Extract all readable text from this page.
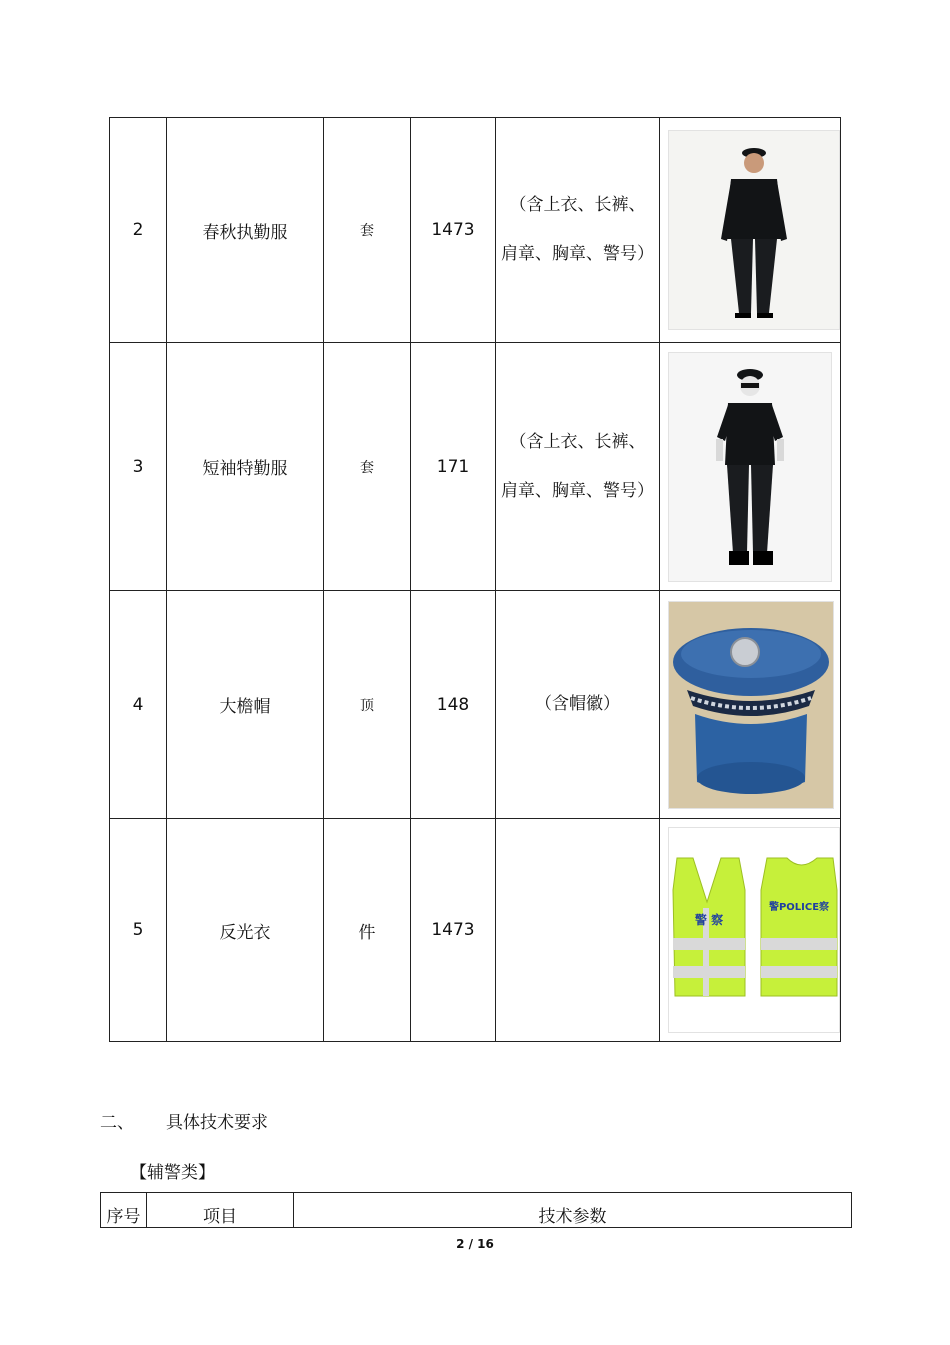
2	春秋执勤服	套	1473	（含上衣、长裤、
肩章、胸章、警号）

3	短袖特勤服	套	171	（含上衣、长裤、
肩章、胸章、警号）

4	大檐帽	顶	148	（含帽徽）

5	反光衣	件	1473		警 察
警POLICE察
二、 具体技术要求
【辅警类】
序号	项目	技术参数
2 / 16
